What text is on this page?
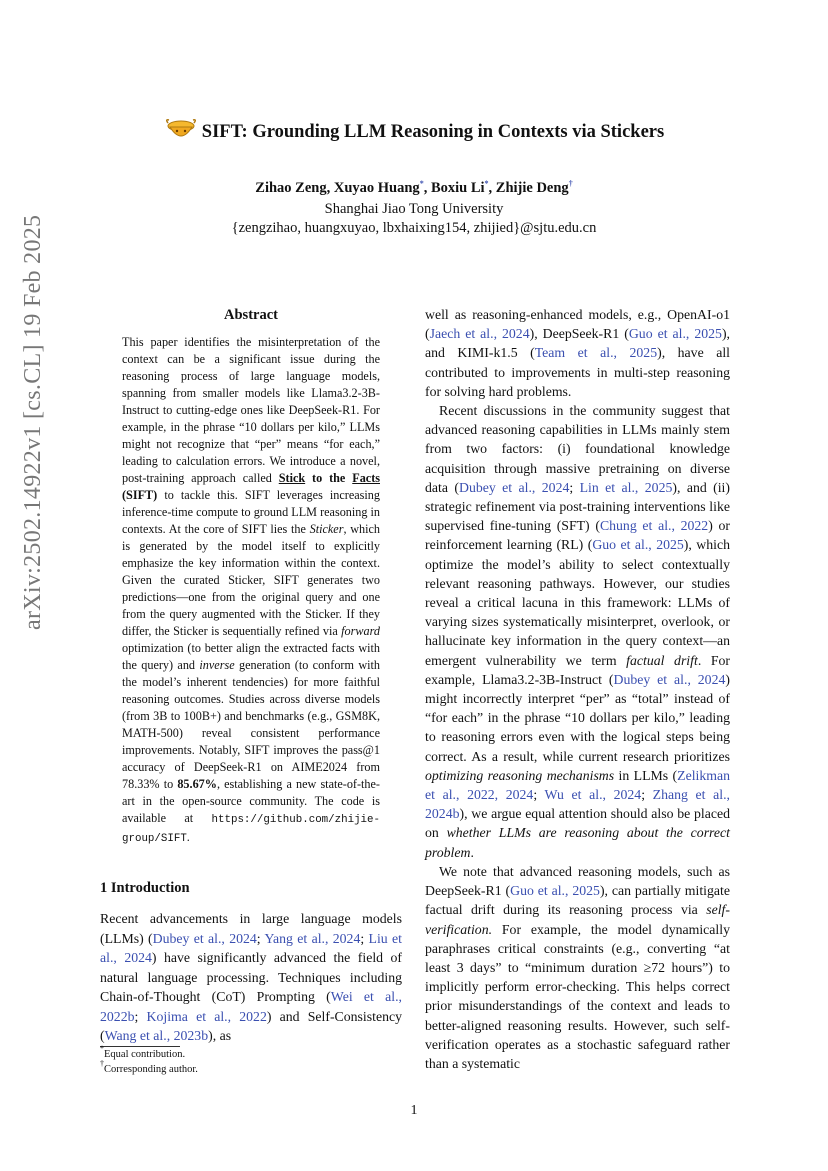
arXiv:2502.14922v1 [cs.CL] 19 Feb 2025
SIFT: Grounding LLM Reasoning in Contexts via Stickers
Zihao Zeng, Xuyao Huang*, Boxiu Li*, Zhijie Deng†
Shanghai Jiao Tong University
{zengzihao, huangxuyao, lbxhaixing154, zhijied}@sjtu.edu.cn
Abstract
This paper identifies the misinterpretation of the context can be a significant issue during the reasoning process of large language models, spanning from smaller models like Llama3.2-3B-Instruct to cutting-edge ones like DeepSeek-R1. For example, in the phrase “10 dollars per kilo,” LLMs might not recognize that “per” means “for each,” leading to calculation errors. We introduce a novel, post-training approach called Stick to the Facts (SIFT) to tackle this. SIFT leverages increasing inference-time compute to ground LLM reasoning in contexts. At the core of SIFT lies the Sticker, which is generated by the model itself to explicitly emphasize the key information within the context. Given the curated Sticker, SIFT generates two predictions—one from the original query and one from the query augmented with the Sticker. If they differ, the Sticker is sequentially refined via forward optimization (to better align the extracted facts with the query) and inverse generation (to conform with the model’s inherent tendencies) for more faithful reasoning outcomes. Studies across diverse models (from 3B to 100B+) and benchmarks (e.g., GSM8K, MATH-500) reveal consistent performance improvements. Notably, SIFT improves the pass@1 accuracy of DeepSeek-R1 on AIME2024 from 78.33% to 85.67%, establishing a new state-of-the-art in the open-source community. The code is available at https://github.com/zhijie-group/SIFT.
1 Introduction
Recent advancements in large language models (LLMs) (Dubey et al., 2024; Yang et al., 2024; Liu et al., 2024) have significantly advanced the field of natural language processing. Techniques including Chain-of-Thought (CoT) Prompting (Wei et al., 2022b; Kojima et al., 2022) and Self-Consistency (Wang et al., 2023b), as
*Equal contribution.
†Corresponding author.

well as reasoning-enhanced models, e.g., OpenAI-o1 (Jaech et al., 2024), DeepSeek-R1 (Guo et al., 2025), and KIMI-k1.5 (Team et al., 2025), have all contributed to improvements in multi-step reasoning for solving hard problems.

Recent discussions in the community suggest that advanced reasoning capabilities in LLMs mainly stem from two factors: (i) foundational knowledge acquisition through massive pretraining on diverse data (Dubey et al., 2024; Lin et al., 2025), and (ii) strategic refinement via post-training interventions like supervised fine-tuning (SFT) (Chung et al., 2022) or reinforcement learning (RL) (Guo et al., 2025), which optimize the model’s ability to select contextually relevant reasoning pathways. However, our studies reveal a critical lacuna in this framework: LLMs of varying sizes systematically misinterpret, overlook, or hallucinate key information in the query context—an emergent vulnerability we term factual drift. For example, Llama3.2-3B-Instruct (Dubey et al., 2024) might incorrectly interpret “per” as “total” instead of “for each” in the phrase “10 dollars per kilo,” leading to reasoning errors even with the logical steps being correct. As a result, while current research prioritizes optimizing reasoning mechanisms in LLMs (Zelikman et al., 2022, 2024; Wu et al., 2024; Zhang et al., 2024b), we argue equal attention should also be placed on whether LLMs are reasoning about the correct problem.

We note that advanced reasoning models, such as DeepSeek-R1 (Guo et al., 2025), can partially mitigate factual drift during its reasoning process via self-verification. For example, the model dynamically paraphrases critical constraints (e.g., converting “at least 3 days” to “minimum duration ≥72 hours”) to implicitly perform error-checking. This helps correct prior misunderstandings of the context and leads to better-aligned reasoning results. However, such self-verification operates as a stochastic safeguard rather than a systematic

1
